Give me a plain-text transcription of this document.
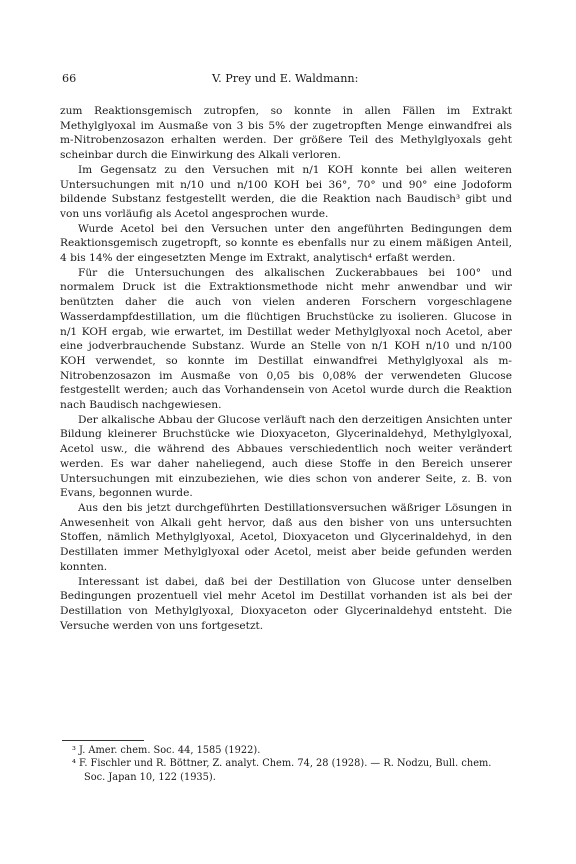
66	V. Prey und E. Waldmann:

zum Reaktionsgemisch zutropfen, so konnte in allen Fällen im Extrakt Methylglyoxal im Ausmaße von 3 bis 5% der zugetropften Menge einwandfrei als m-Nitrobenzosazon erhalten werden. Der größere Teil des Methylglyoxals geht scheinbar durch die Einwirkung des Alkali verloren.

Im Gegensatz zu den Versuchen mit n/1 KOH konnte bei allen weiteren Untersuchungen mit n/10 und n/100 KOH bei 36°, 70° und 90° eine Jodoform bildende Substanz festgestellt werden, die die Reaktion nach Baudisch³ gibt und von uns vorläufig als Acetol angesprochen wurde.

Wurde Acetol bei den Versuchen unter den angeführten Bedingungen dem Reaktionsgemisch zugetropft, so konnte es ebenfalls nur zu einem mäßigen Anteil, 4 bis 14% der eingesetzten Menge im Extrakt, analytisch⁴ erfaßt werden.

Für die Untersuchungen des alkalischen Zuckerabbaues bei 100° und normalem Druck ist die Extraktionsmethode nicht mehr anwendbar und wir benützten daher die auch von vielen anderen Forschern vorgeschlagene Wasserdampfdestillation, um die flüchtigen Bruchstücke zu isolieren. Glucose in n/1 KOH ergab, wie erwartet, im Destillat weder Methylglyoxal noch Acetol, aber eine jodverbrauchende Substanz. Wurde an Stelle von n/1 KOH n/10 und n/100 KOH verwendet, so konnte im Destillat einwandfrei Methylglyoxal als m-Nitrobenzosazon im Ausmaße von 0,05 bis 0,08% der verwendeten Glucose festgestellt werden; auch das Vorhandensein von Acetol wurde durch die Reaktion nach Baudisch nachgewiesen.

Der alkalische Abbau der Glucose verläuft nach den derzeitigen Ansichten unter Bildung kleinerer Bruchstücke wie Dioxyaceton, Glycerinaldehyd, Methylglyoxal, Acetol usw., die während des Abbaues verschiedentlich noch weiter verändert werden. Es war daher naheliegend, auch diese Stoffe in den Bereich unserer Untersuchungen mit einzubeziehen, wie dies schon von anderer Seite, z. B. von Evans, begonnen wurde.

Aus den bis jetzt durchgeführten Destillationsversuchen wäßriger Lösungen in Anwesenheit von Alkali geht hervor, daß aus den bisher von uns untersuchten Stoffen, nämlich Methylglyoxal, Acetol, Dioxyaceton und Glycerinaldehyd, in den Destillaten immer Methylglyoxal oder Acetol, meist aber beide gefunden werden konnten.

Interessant ist dabei, daß bei der Destillation von Glucose unter denselben Bedingungen prozentuell viel mehr Acetol im Destillat vorhanden ist als bei der Destillation von Methylglyoxal, Dioxyaceton oder Glycerinaldehyd entsteht. Die Versuche werden von uns fortgesetzt.

³ J. Amer. chem. Soc. 44, 1585 (1922).

⁴ F. Fischler und R. Böttner, Z. analyt. Chem. 74, 28 (1928). — R. Nodzu, Bull. chem. Soc. Japan 10, 122 (1935).
